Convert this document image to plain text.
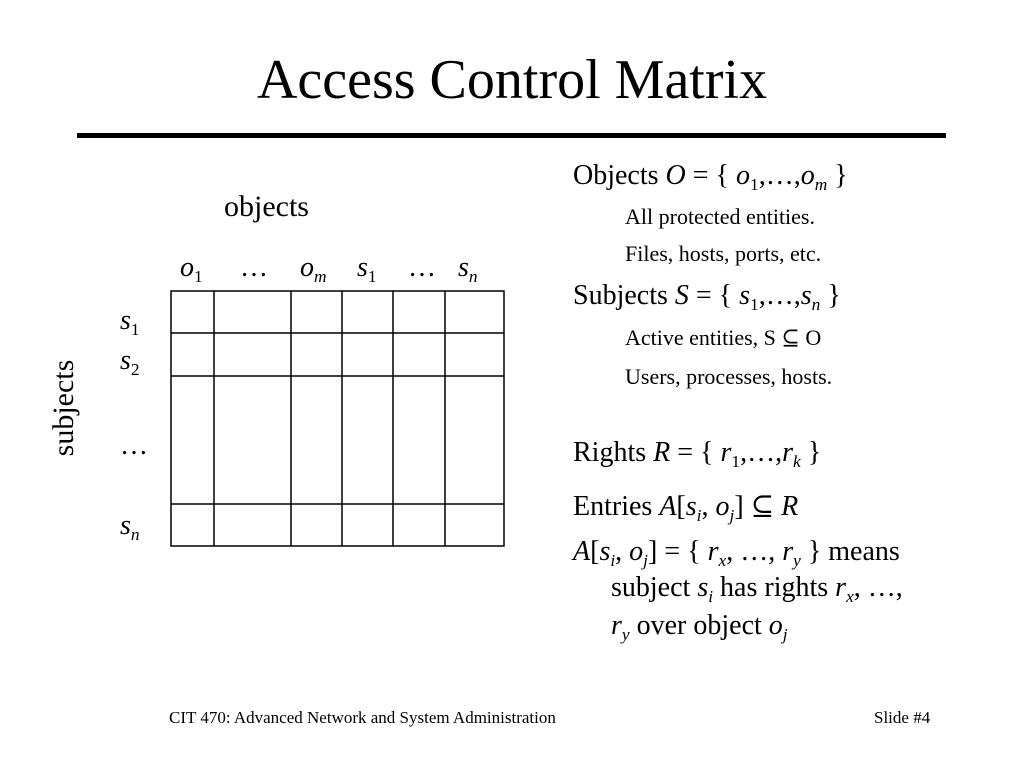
Access Control Matrix
objects
subjects
$o_1$ … $o_m$ $s_1$ … $s_n$
$s_1$
$s_2$
…
$s_n$
Objects O = { $o_1,\dots,o_m$ }
All protected entities.
Files, hosts, ports, etc.
Subjects S = { $s_1,\dots,s_n$ }
Active entities, S ⊆ O
Users, processes, hosts.
Rights R = { $r_1,\dots,r_k$ }
Entries $A[s_i$, $o_j$] ⊆ R
$A[s_i$, $o_j$] = { $r_x$, …, $r_y$ } means
subject $s_i$ has rights $r_x$, …,
$r_y$ over object $o_j$
CIT 470: Advanced Network and System Administration	Slide #4
